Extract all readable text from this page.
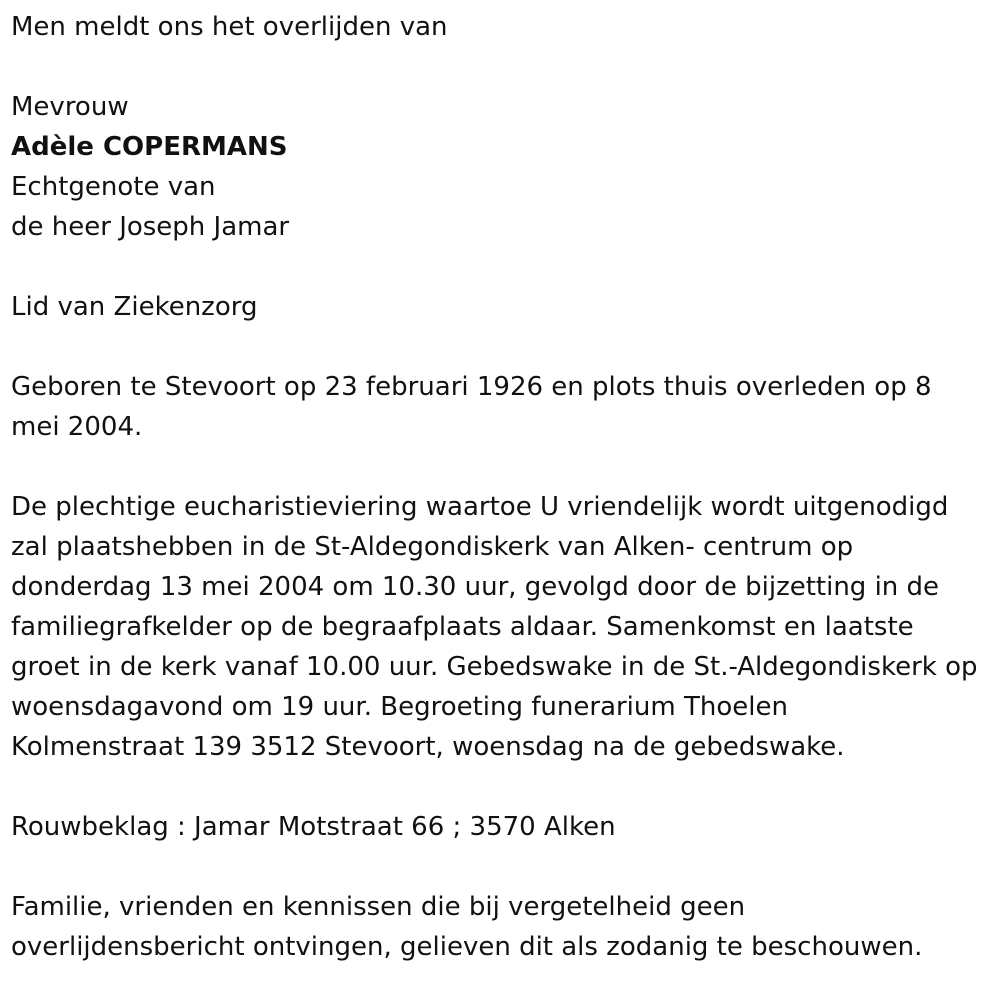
Men meldt ons het overlijden van

Mevrouw

Adèle COPERMANS

Echtgenote van

de heer Joseph Jamar

Lid van Ziekenzorg

Geboren te Stevoort op 23 februari 1926 en plots thuis overleden op 8

mei 2004.

De plechtige eucharistieviering waartoe U vriendelijk wordt uitgenodigd

zal plaatshebben in de St-Aldegondiskerk van Alken- centrum op

donderdag 13 mei 2004 om 10.30 uur, gevolgd door de bijzetting in de

familiegrafkelder op de begraafplaats aldaar. Samenkomst en laatste

groet in de kerk vanaf 10.00 uur. Gebedswake in de St.-Aldegondiskerk op

woensdagavond om 19 uur. Begroeting funerarium Thoelen

Kolmenstraat 139 3512 Stevoort, woensdag na de gebedswake.

Rouwbeklag : Jamar Motstraat 66 ; 3570 Alken

Familie, vrienden en kennissen die bij vergetelheid geen

overlijdensbericht ontvingen, gelieven dit als zodanig te beschouwen.
